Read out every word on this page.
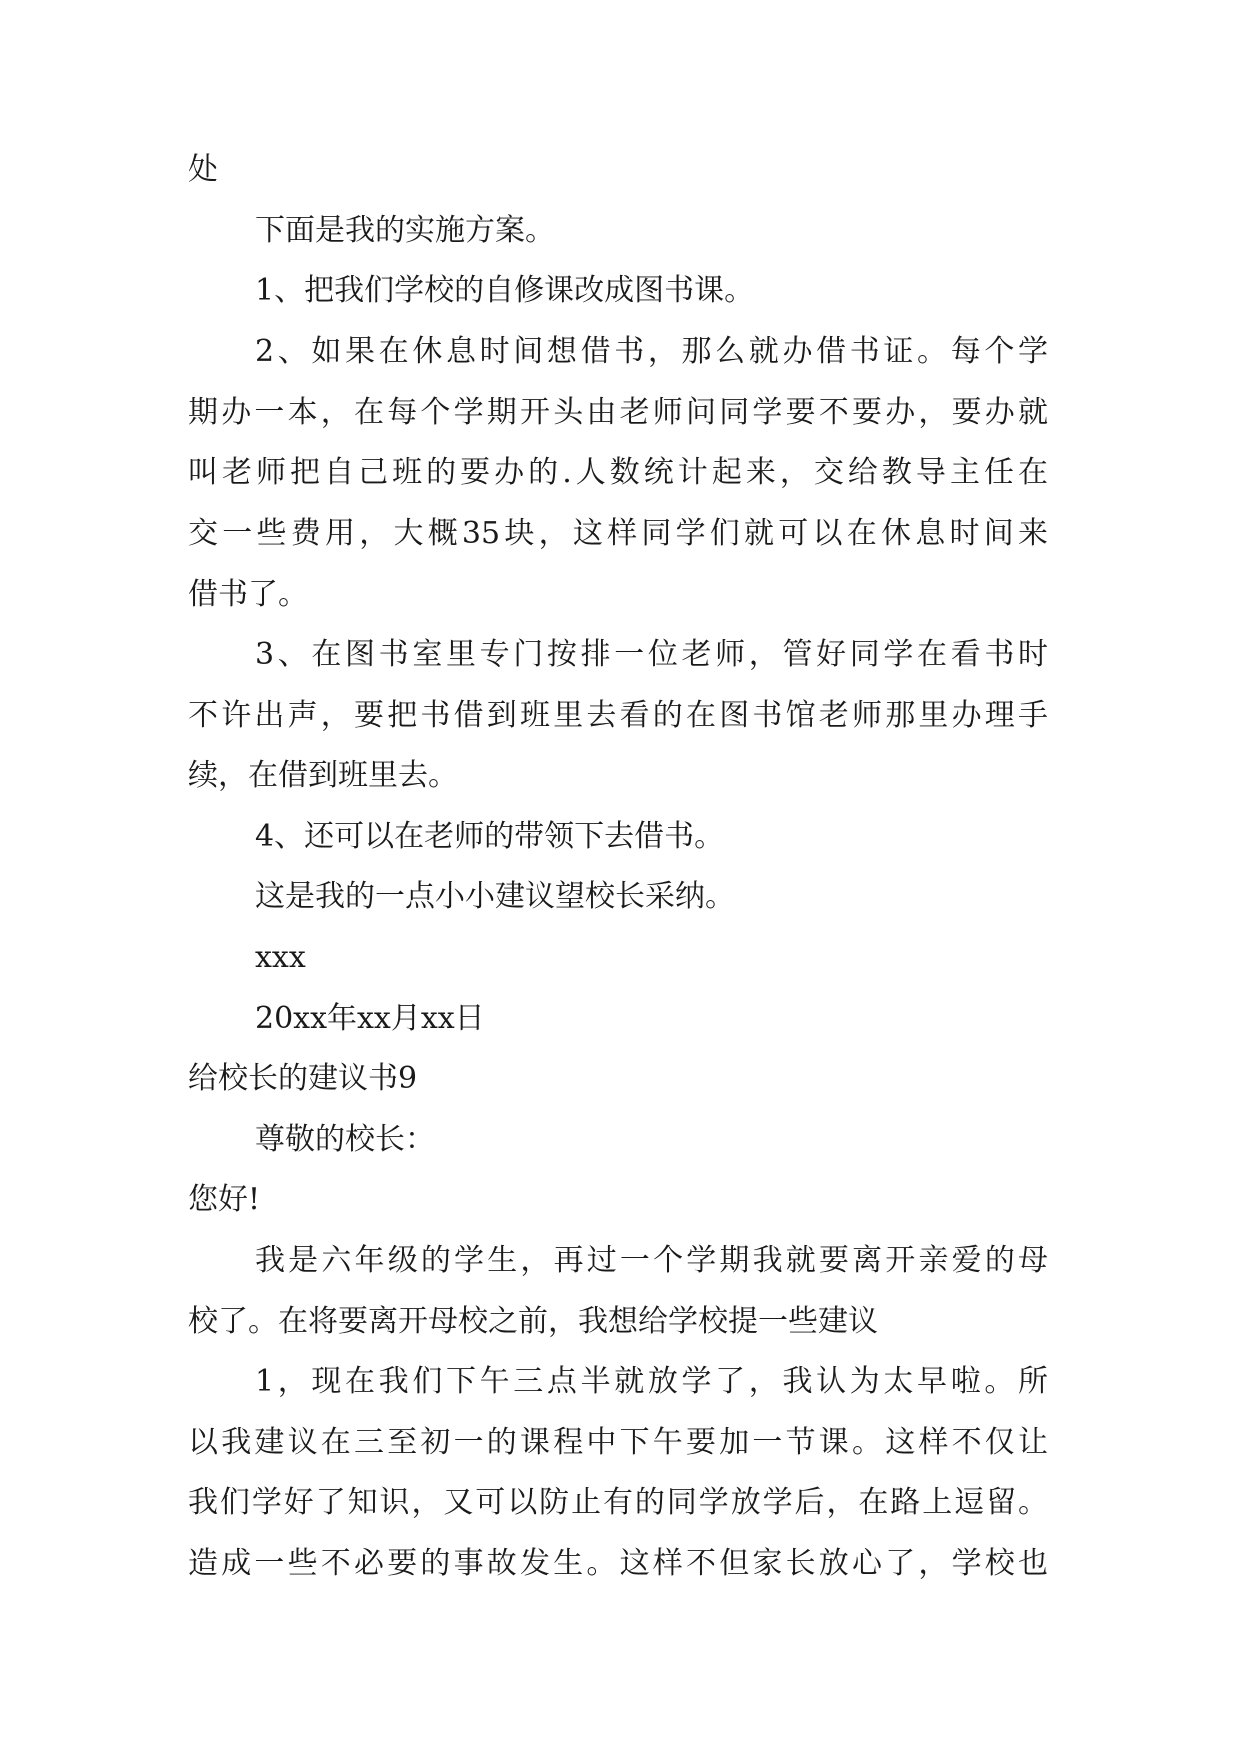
处
下面是我的实施方案。
1、把我们学校的自修课改成图书课。
2、如果在休息时间想借书，那么就办借书证。每个学
期办一本，在每个学期开头由老师问同学要不要办，要办就
叫老师把自己班的要办的.人数统计起来，交给教导主任在
交一些费用，大概35块，这样同学们就可以在休息时间来
借书了。
3、在图书室里专门按排一位老师，管好同学在看书时
不许出声，要把书借到班里去看的在图书馆老师那里办理手
续，在借到班里去。
4、还可以在老师的带领下去借书。
这是我的一点小小建议望校长采纳。
xxx
20xx年xx月xx日
给校长的建议书9
尊敬的校长：
您好!
我是六年级的学生，再过一个学期我就要离开亲爱的母
校了。在将要离开母校之前，我想给学校提一些建议
1，现在我们下午三点半就放学了，我认为太早啦。所
以我建议在三至初一的课程中下午要加一节课。这样不仅让
我们学好了知识，又可以防止有的同学放学后，在路上逗留。
造成一些不必要的事故发生。这样不但家长放心了，学校也
